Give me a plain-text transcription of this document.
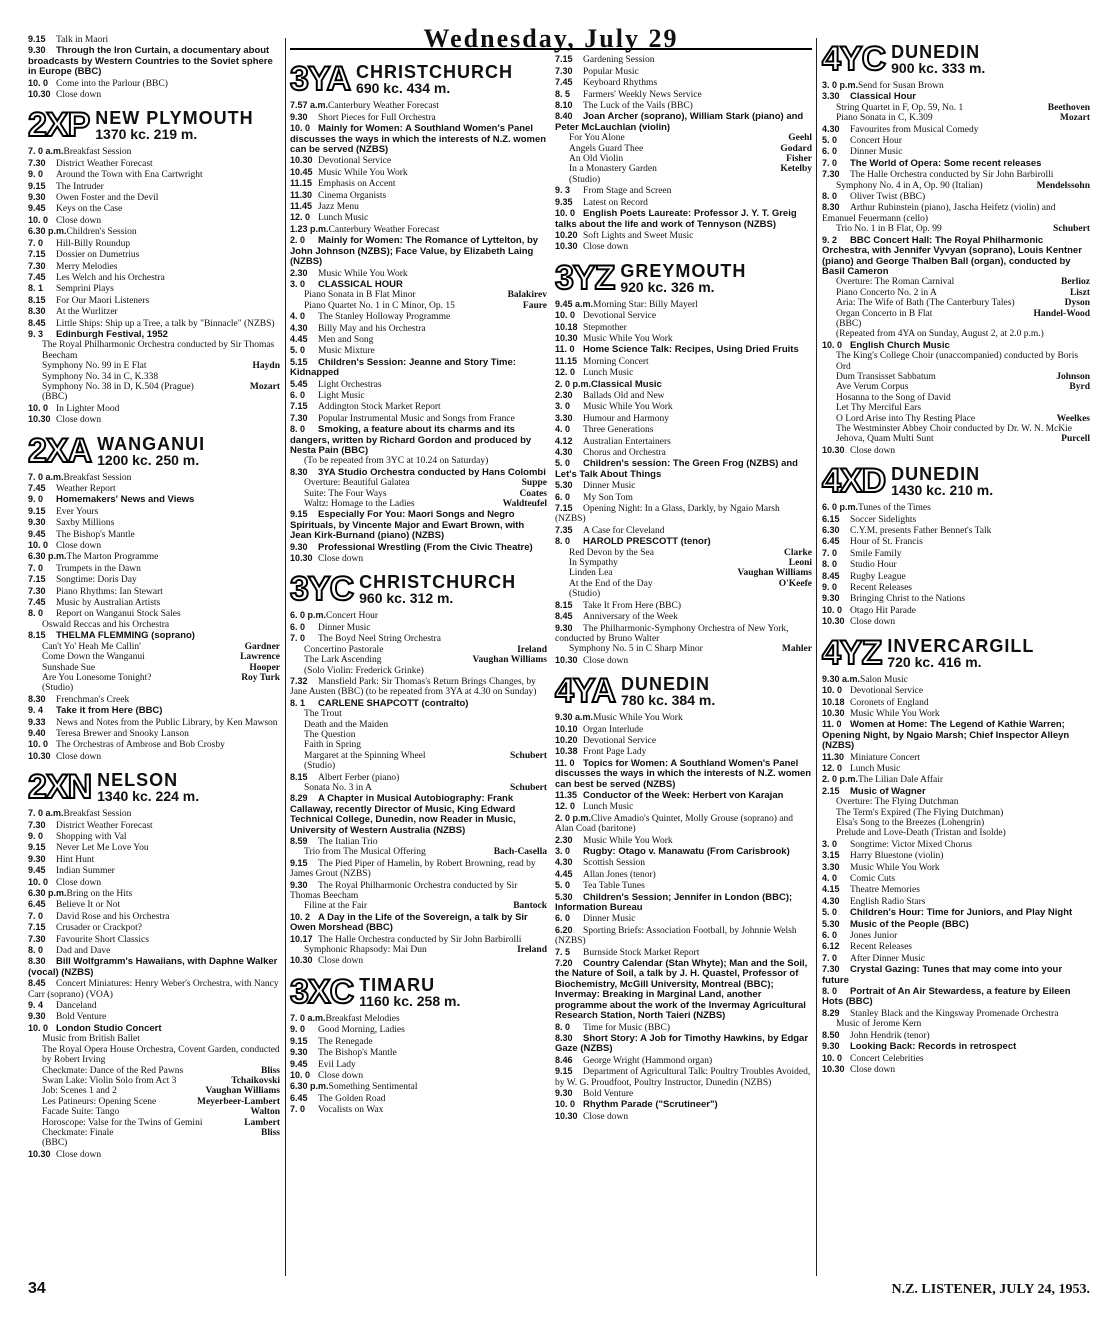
9.15Talk in Maori
9.30Through the Iron Curtain, a documentary about broadcasts by Western Countries to the Soviet sphere in Europe (BBC)
10. 0Come into the Parlour (BBC)
10.30Close down
2XP NEW PLYMOUTH
1370 kc. 219 m.
7. 0 a.m.Breakfast Session
7.30District Weather Forecast
9. 0Around the Town with Ena Cartwright
9.15The Intruder
9.30Owen Foster and the Devil
9.45Keys on the Case
10. 0Close down
6.30 p.m.Children's Session
7. 0Hill-Billy Roundup
7.15Dossier on Dumetrius
7.30Merry Melodies
7.45Les Welch and his Orchestra
8. 1Semprini Plays
8.15For Our Maori Listeners
8.30At the Wurlitzer
8.45Little Ships: Ship up a Tree, a talk by "Binnacle" (NZBS)
9. 3Edinburgh Festival, 1952
The Royal Philharmonic Orchestra conducted by Sir Thomas Beecham
Haydn
Symphony No. 99 in E Flat
Symphony No. 34 in C, K.338
Mozart
Symphony No. 38 in D, K.504 (Prague)
(BBC)
10. 0In Lighter Mood
10.30Close down
2XA WANGANUI
1200 kc. 250 m.
7. 0 a.m.Breakfast Session
7.45Weather Report
9. 0Homemakers' News and Views
9.15Ever Yours
9.30Saxby Millions
9.45The Bishop's Mantle
10. 0Close down
6.30 p.m.The Marton Programme
7. 0Trumpets in the Dawn
7.15Songtime: Doris Day
7.30Piano Rhythms: Ian Stewart
7.45Music by Australian Artists
8. 0Report on Wanganui Stock Sales
Oswald Reccas and his Orchestra
8.15THELMA FLEMMING (soprano)
Gardner
Can't Yo' Heah Me Callin'
Lawrence
Come Down the Wanganui
Hooper
Sunshade Sue
Roy Turk
Are You Lonesome Tonight?
(Studio)
8.30Frenchman's Creek
9. 4Take it from Here (BBC)
9.33News and Notes from the Public Library, by Ken Mawson
9.40Teresa Brewer and Snooky Lanson
10. 0The Orchestras of Ambrose and Bob Crosby
10.30Close down
2XN NELSON
1340 kc. 224 m.
7. 0 a.m.Breakfast Session
7.30District Weather Forecast
9. 0Shopping with Val
9.15Never Let Me Love You
9.30Hint Hunt
9.45Indian Summer
10. 0Close down
6.30 p.m.Bring on the Hits
6.45Believe It or Not
7. 0David Rose and his Orchestra
7.15Crusader or Crackpot?
7.30Favourite Short Classics
8. 0Dad and Dave
8.30Bill Wolfgramm's Hawaiians, with Daphne Walker (vocal) (NZBS)
8.45Concert Miniatures: Henry Weber's Orchestra, with Nancy Carr (soprano) (VOA)
9. 4Danceland
9.30Bold Venture
10. 0London Studio Concert
Music from British Ballet
The Royal Opera House Orchestra, Covent Garden, conducted by Robert Irving
Bliss
Checkmate: Dance of the Red Pawns
Tchaikovski
Swan Lake: Violin Solo from Act 3
Vaughan Williams
Job: Scenes 1 and 2
Meyerbeer-Lambert
Les Patineurs: Opening Scene
Walton
Facade Suite: Tango
Lambert
Horoscope: Valse for the Twins of Gemini
Bliss
Checkmate: Finale
(BBC)
10.30Close down
Wednesday, July 29
3YA CHRISTCHURCH
690 kc. 434 m.
7.57 a.m.Canterbury Weather Forecast
9.30Short Pieces for Full Orchestra
10. 0Mainly for Women: A Southland Women's Panel discusses the ways in which the interests of N.Z. women can be served (NZBS)
10.30Devotional Service
10.45Music While You Work
11.15Emphasis on Accent
11.30Cinema Organists
11.45Jazz Menu
12. 0Lunch Music
1.23 p.m.Canterbury Weather Forecast
2. 0Mainly for Women: The Romance of Lyttelton, by John Johnson (NZBS); Face Value, by Elizabeth Laing (NZBS)
2.30Music While You Work
3. 0CLASSICAL HOUR
Balakirev
Piano Sonata in B Flat Minor
Faure
Piano Quartet No. 1 in C Minor, Op. 15
4. 0The Stanley Holloway Programme
4.30Billy May and his Orchestra
4.45Men and Song
5. 0Music Mixture
5.15Children's Session: Jeanne and Story Time: Kidnapped
5.45Light Orchestras
6. 0Light Music
7.15Addington Stock Market Report
7.30Popular Instrumental Music and Songs from France
8. 0Smoking, a feature about its charms and its dangers, written by Richard Gordon and produced by Nesta Pain (BBC)
(To be repeated from 3YC at 10.24 on Saturday)
8.303YA Studio Orchestra conducted by Hans Colombi
Suppe
Overture: Beautiful Galatea
Coates
Suite: The Four Ways
Waldteufel
Waltz: Homage to the Ladies
9.15Especially For You: Maori Songs and Negro Spirituals, by Vincente Major and Ewart Brown, with Jean Kirk-Burnand (piano) (NZBS)
9.30Professional Wrestling (From the Civic Theatre)
10.30Close down
3YC CHRISTCHURCH
960 kc. 312 m.
6. 0 p.m.Concert Hour
6. 0Dinner Music
7. 0The Boyd Neel String Orchestra
Ireland
Concertino Pastorale
Vaughan Williams
The Lark Ascending
(Solo Violin: Frederick Grinke)
7.32Mansfield Park: Sir Thomas's Return Brings Changes, by Jane Austen (BBC) (to be repeated from 3YA at 4.30 on Sunday)
8. 1CARLENE SHAPCOTT (contralto)
The Trout
Death and the Maiden
The Question
Faith in Spring
Schubert
Margaret at the Spinning Wheel
(Studio)
8.15Albert Ferber (piano)
Schubert
Sonata No. 3 in A
8.29A Chapter in Musical Autobiography: Frank Callaway, recently Director of Music, King Edward Technical College, Dunedin, now Reader in Music, University of Western Australia (NZBS)
8.59The Italian Trio
Bach-Casella
Trio from The Musical Offering
9.15The Pied Piper of Hamelin, by Robert Browning, read by James Grout (NZBS)
9.30The Royal Philharmonic Orchestra conducted by Sir Thomas Beecham
Bantock
Filine at the Fair
10. 2A Day in the Life of the Sovereign, a talk by Sir Owen Morshead (BBC)
10.17The Halle Orchestra conducted by Sir John Barbirolli
Ireland
Symphonic Rhapsody: Mai Dun
10.30Close down
3XC TIMARU
1160 kc. 258 m.
7. 0 a.m.Breakfast Melodies
9. 0Good Morning, Ladies
9.15The Renegade
9.30The Bishop's Mantle
9.45Evil Lady
10. 0Close down
6.30 p.m.Something Sentimental
6.45The Golden Road
7. 0Vocalists on Wax
7.15Gardening Session
7.30Popular Music
7.45Keyboard Rhythms
8. 5Farmers' Weekly News Service
8.10The Luck of the Vails (BBC)
8.40Joan Archer (soprano), William Stark (piano) and Peter McLauchlan (violin)
Geehl
For You Alone
Godard
Angels Guard Thee
Fisher
An Old Violin
Ketelby
In a Monastery Garden
(Studio)
9. 3From Stage and Screen
9.35Latest on Record
10. 0English Poets Laureate: Professor J. Y. T. Greig talks about the life and work of Tennyson (NZBS)
10.20Soft Lights and Sweet Music
10.30Close down
3YZ GREYMOUTH
920 kc. 326 m.
9.45 a.m.Morning Star: Billy Mayerl
10. 0Devotional Service
10.18Stepmother
10.30Music While You Work
11. 0Home Science Talk: Recipes, Using Dried Fruits
11.15Morning Concert
12. 0Lunch Music
2. 0 p.m.Classical Music
2.30Ballads Old and New
3. 0Music While You Work
3.30Humour and Harmony
4. 0Three Generations
4.12Australian Entertainers
4.30Chorus and Orchestra
5. 0Children's session: The Green Frog (NZBS) and Let's Talk About Things
5.30Dinner Music
6. 0My Son Tom
7.15Opening Night: In a Glass, Darkly, by Ngaio Marsh (NZBS)
7.35A Case for Cleveland
8. 0HAROLD PRESCOTT (tenor)
Clarke
Red Devon by the Sea
Leoni
In Sympathy
Vaughan Williams
Linden Lea
O'Keefe
At the End of the Day
(Studio)
8.15Take It From Here (BBC)
8.45Anniversary of the Week
9.30The Philharmonic-Symphony Orchestra of New York, conducted by Bruno Walter
Mahler
Symphony No. 5 in C Sharp Minor
10.30Close down
4YA DUNEDIN
780 kc. 384 m.
9.30 a.m.Music While You Work
10.10Organ Interlude
10.20Devotional Service
10.38Front Page Lady
11. 0Topics for Women: A Southland Women's Panel discusses the ways in which the interests of N.Z. women can best be served (NZBS)
11.35Conductor of the Week: Herbert von Karajan
12. 0Lunch Music
2. 0 p.m.Clive Amadio's Quintet, Molly Grouse (soprano) and Alan Coad (baritone)
2.30Music While You Work
3. 0Rugby: Otago v. Manawatu (From Carisbrook)
4.30Scottish Session
4.45Allan Jones (tenor)
5. 0Tea Table Tunes
5.30Children's Session; Jennifer in London (BBC); Information Bureau
6. 0Dinner Music
6.20Sporting Briefs: Association Football, by Johnnie Welsh (NZBS)
7. 5Burnside Stock Market Report
7.20Country Calendar (Stan Whyte); Man and the Soil, the Nature of Soil, a talk by J. H. Quastel, Professor of Biochemistry, McGill University, Montreal (BBC); Invermay: Breaking in Marginal Land, another programme about the work of the Invermay Agricultural Research Station, North Taieri (NZBS)
8. 0Time for Music (BBC)
8.30Short Story: A Job for Timothy Hawkins, by Edgar Gaze (NZBS)
8.46George Wright (Hammond organ)
9.15Department of Agricultural Talk: Poultry Troubles Avoided, by W. G. Proudfoot, Poultry Instructor, Dunedin (NZBS)
9.30Bold Venture
10. 0Rhythm Parade ("Scrutineer")
10.30Close down
4YC DUNEDIN
900 kc. 333 m.
3. 0 p.m.Send for Susan Brown
3.30Classical Hour
Beethoven
String Quartet in F, Op. 59, No. 1
Mozart
Piano Sonata in C, K.309
4.30Favourites from Musical Comedy
5. 0Concert Hour
6. 0Dinner Music
7. 0The World of Opera: Some recent releases
7.30The Halle Orchestra conducted by Sir John Barbirolli
Mendelssohn
Symphony No. 4 in A, Op. 90 (Italian)
8. 0Oliver Twist (BBC)
8.30Arthur Rubinstein (piano), Jascha Heifetz (violin) and Emanuel Feuermann (cello)
Schubert
Trio No. 1 in B Flat, Op. 99
9. 2BBC Concert Hall: The Royal Philharmonic Orchestra, with Jennifer Vyvyan (soprano), Louis Kentner (piano) and George Thalben Ball (organ), conducted by Basil Cameron
Berlioz
Overture: The Roman Carnival
Liszt
Piano Concerto No. 2 in A
Dyson
Aria: The Wife of Bath (The Canterbury Tales)
Handel-Wood
Organ Concerto in B Flat
(BBC)
(Repeated from 4YA on Sunday, August 2, at 2.0 p.m.)
10. 0English Church Music
The King's College Choir (unaccompanied) conducted by Boris Ord
Johnson
Dum Transisset Sabbatum
Byrd
Ave Verum Corpus
Hosanna to the Song of David
Let Thy Merciful Ears
Weelkes
O Lord Arise into Thy Resting Place
The Westminster Abbey Choir conducted by Dr. W. N. McKie
Purcell
Jehova, Quam Multi Sunt
10.30Close down
4XD DUNEDIN
1430 kc. 210 m.
6. 0 p.m.Tunes of the Times
6.15Soccer Sidelights
6.30C.Y.M. presents Father Bennet's Talk
6.45Hour of St. Francis
7. 0Smile Family
8. 0Studio Hour
8.45Rugby League
9. 0Recent Releases
9.30Bringing Christ to the Nations
10. 0Otago Hit Parade
10.30Close down
4YZ INVERCARGILL
720 kc. 416 m.
9.30 a.m.Salon Music
10. 0Devotional Service
10.18Coronets of England
10.30Music While You Work
11. 0Women at Home: The Legend of Kathie Warren; Opening Night, by Ngaio Marsh; Chief Inspector Alleyn (NZBS)
11.30Miniature Concert
12. 0Lunch Music
2. 0 p.m.The Lilian Dale Affair
2.15Music of Wagner
Overture: The Flying Dutchman
The Term's Expired (The Flying Dutchman)
Elsa's Song to the Breezes (Lohengrin)
Prelude and Love-Death (Tristan and Isolde)
3. 0Songtime: Victor Mixed Chorus
3.15Harry Bluestone (violin)
3.30Music While You Work
4. 0Comic Cuts
4.15Theatre Memories
4.30English Radio Stars
5. 0Children's Hour: Time for Juniors, and Play Night
5.30Music of the People (BBC)
6. 0Jones Junior
6.12Recent Releases
7. 0After Dinner Music
7.30Crystal Gazing: Tunes that may come into your future
8. 0Portrait of An Air Stewardess, a feature by Eileen Hots (BBC)
8.29Stanley Black and the Kingsway Promenade Orchestra
Music of Jerome Kern
8.50John Hendrik (tenor)
9.30Looking Back: Records in retrospect
10. 0Concert Celebrities
10.30Close down
34	N.Z. LISTENER, JULY 24, 1953.
